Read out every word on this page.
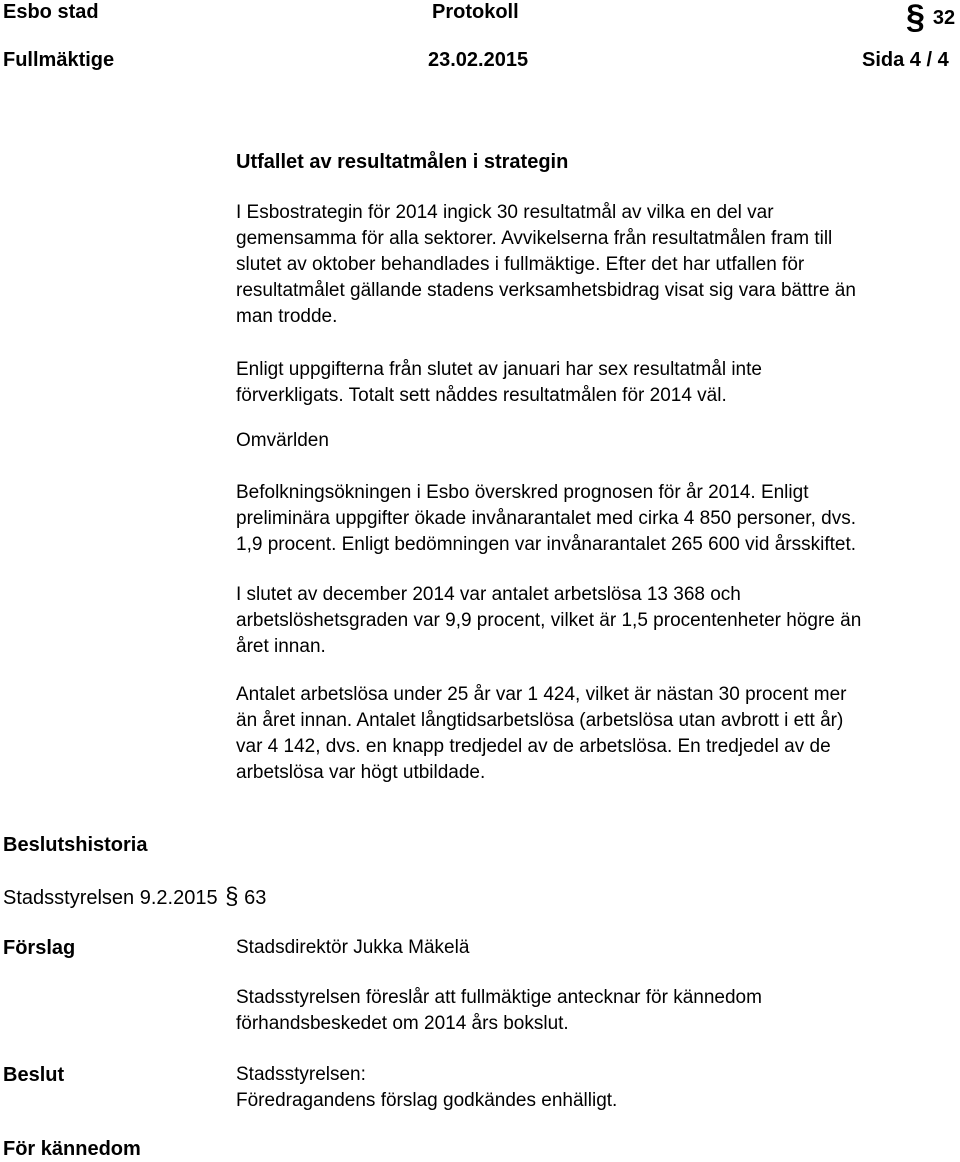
Esbo stad	Protokoll	§ 32
Fullmäktige	23.02.2015	Sida 4 / 4
Utfallet av resultatmålen i strategin
I Esbostrategin för 2014 ingick 30 resultatmål av vilka en del var
gemensamma för alla sektorer. Avvikelserna från resultatmålen fram till
slutet av oktober behandlades i fullmäktige. Efter det har utfallen för
resultatmålet gällande stadens verksamhetsbidrag visat sig vara bättre än
man trodde.
Enligt uppgifterna från slutet av januari har sex resultatmål inte
förverkligats. Totalt sett nåddes resultatmålen för 2014 väl.
Omvärlden
Befolkningsökningen i Esbo överskred prognosen för år 2014. Enligt
preliminära uppgifter ökade invånarantalet med cirka 4 850 personer, dvs.
1,9 procent. Enligt bedömningen var invånarantalet 265 600 vid årsskiftet.
I slutet av december 2014 var antalet arbetslösa 13 368 och
arbetslöshetsgraden var 9,9 procent, vilket är 1,5 procentenheter högre än
året innan.
Antalet arbetslösa under 25 år var 1 424, vilket är nästan 30 procent mer
än året innan. Antalet långtidsarbetslösa (arbetslösa utan avbrott i ett år)
var 4 142, dvs. en knapp tredjedel av de arbetslösa. En tredjedel av de
arbetslösa var högt utbildade.
Beslutshistoria
Stadsstyrelsen 9.2.2015 § 63
Förslag	Stadsdirektör Jukka Mäkelä
Stadsstyrelsen föreslår att fullmäktige antecknar för kännedom
förhandsbeskedet om 2014 års bokslut.
Beslut	Stadsstyrelsen:
Föredragandens förslag godkändes enhälligt.
För kännedom
